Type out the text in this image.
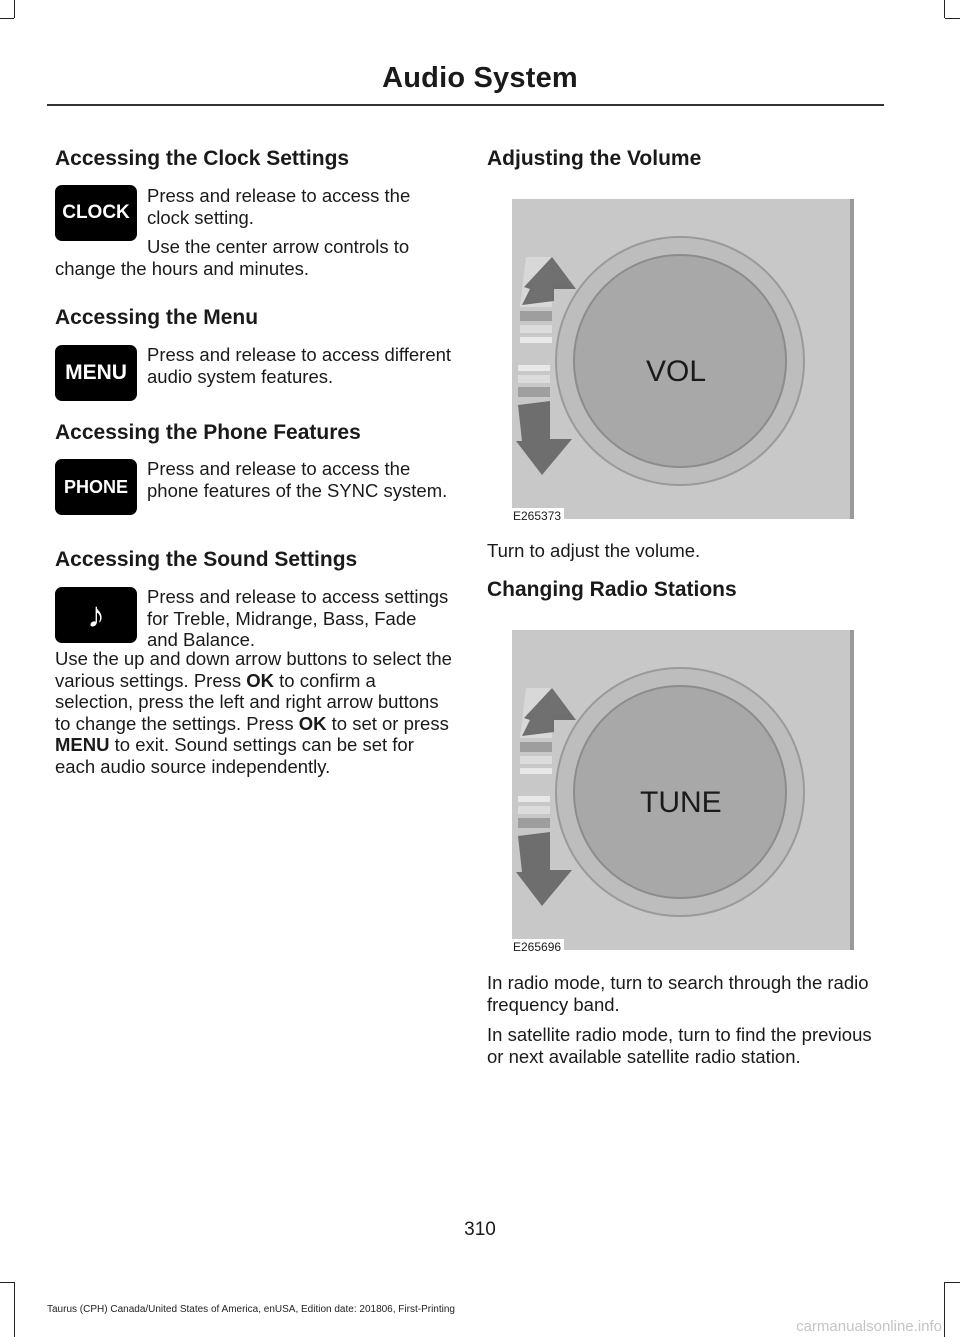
Audio System
Accessing the Clock Settings
CLOCK

Press and release to access the clock setting.

Use the center arrow controls to change the hours and minutes.

Accessing the Menu
MENU

Press and release to access different audio system features.

Accessing the Phone Features
PHONE

Press and release to access the phone features of the SYNC system.

Accessing the Sound Settings
♪ Press and release to access settings for Treble, Midrange, Bass, Fade and Balance.

Use the up and down arrow buttons to select the various settings. Press OK to confirm a selection, press the left and right arrow buttons to change the settings. Press OK to set or press MENU to exit. Sound settings can be set for each audio source independently.

Adjusting the Volume
VOL
E265373

Turn to adjust the volume.

Changing Radio Stations
TUNE
E265696

In radio mode, turn to search through the radio frequency band.

In satellite radio mode, turn to find the previous or next available satellite radio station.

310
Taurus (CPH) Canada/United States of America, enUSA, Edition date: 201806, First-Printing
carmanualsonline.info
